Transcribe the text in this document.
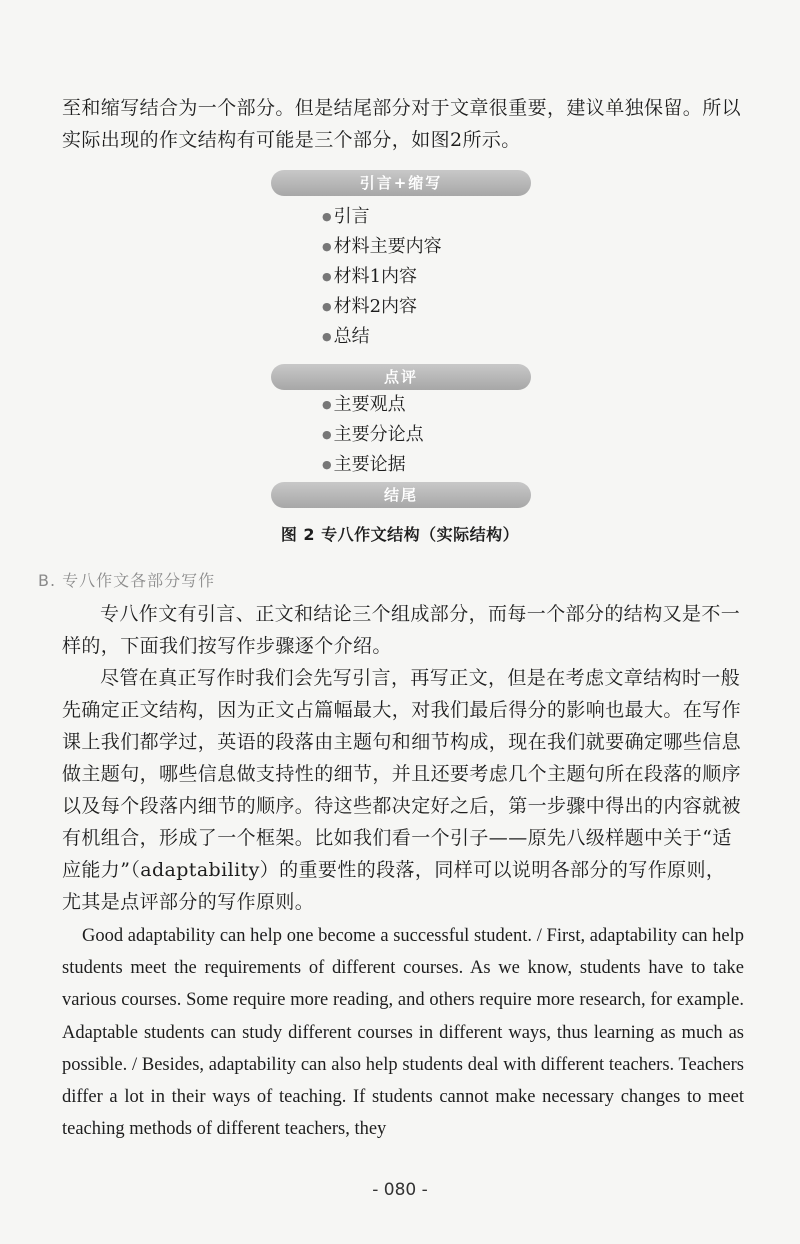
至和缩写结合为一个部分。但是结尾部分对于文章很重要，建议单独保留。所以实际出现的作文结构有可能是三个部分，如图2所示。

引言+缩写
● 引言
● 材料主要内容
● 材料1内容
● 材料2内容
● 总结
点评
● 主要观点
● 主要分论点
● 主要论据
结尾
图 2 专八作文结构（实际结构）
B. 专八作文各部分写作

专八作文有引言、正文和结论三个组成部分，而每一个部分的结构又是不一样的，下面我们按写作步骤逐个介绍。

尽管在真正写作时我们会先写引言，再写正文，但是在考虑文章结构时一般先确定正文结构，因为正文占篇幅最大，对我们最后得分的影响也最大。在写作课上我们都学过，英语的段落由主题句和细节构成，现在我们就要确定哪些信息做主题句，哪些信息做支持性的细节，并且还要考虑几个主题句所在段落的顺序以及每个段落内细节的顺序。待这些都决定好之后，第一步骤中得出的内容就被有机组合，形成了一个框架。比如我们看一个引子——原先八级样题中关于“适应能力”（adaptability）的重要性的段落，同样可以说明各部分的写作原则，尤其是点评部分的写作原则。

Good adaptability can help one become a successful student. / First, adaptability can help students meet the requirements of different courses. As we know, students have to take various courses. Some require more reading, and others require more research, for example. Adaptable students can study different courses in different ways, thus learning as much as possible. / Besides, adaptability can also help students deal with different teachers. Teachers differ a lot in their ways of teaching. If students cannot make necessary changes to meet teaching methods of different teachers, they

- 080 -
